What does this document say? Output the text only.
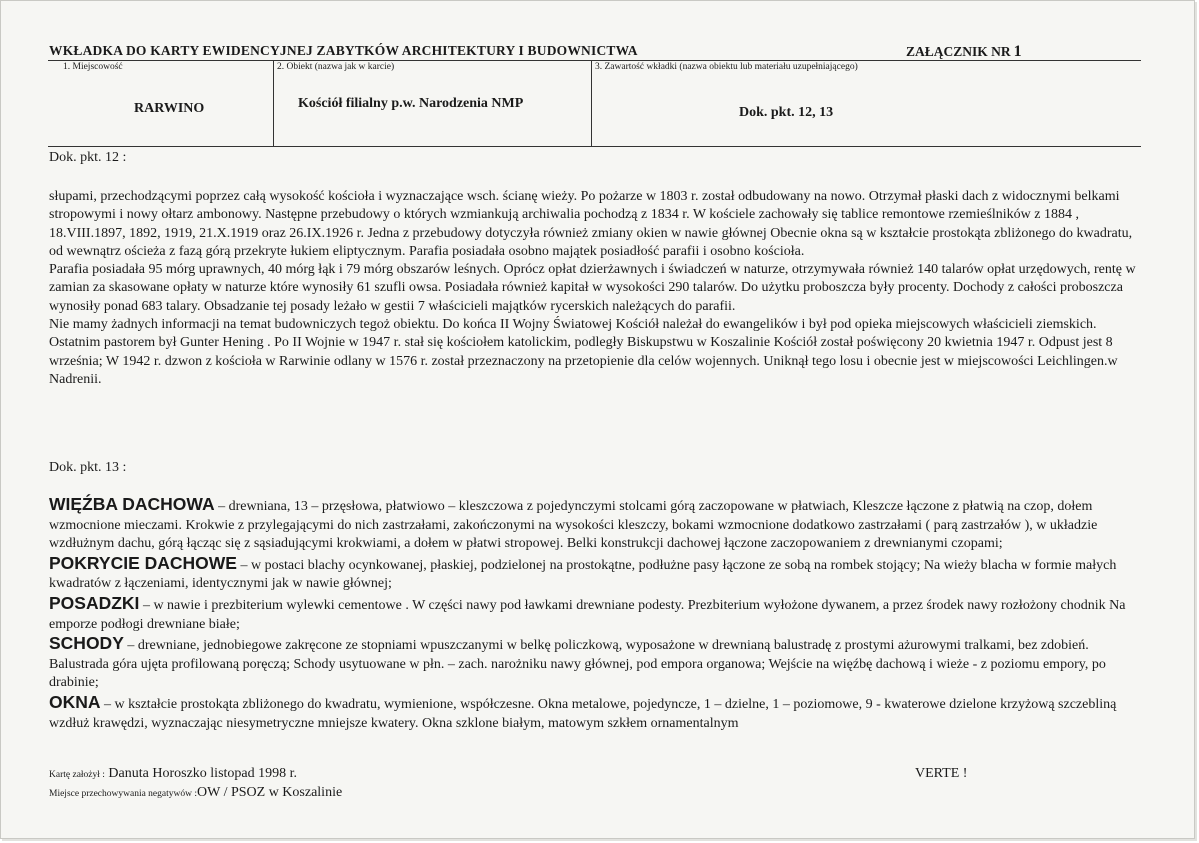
WKŁADKA DO KARTY EWIDENCYJNEJ ZABYTKÓW ARCHITEKTURY I BUDOWNICTWA	ZAŁĄCZNIK NR 1
1. Miejscowość	2. Obiekt (nazwa jak w karcie)	3. Zawartość wkładki (nazwa obiektu lub materiału uzupełniającego)
RARWINO	Kościół filialny p.w. Narodzenia NMP
Dok. pkt. 12, 13
Dok. pkt. 12 :

słupami, przechodzącymi poprzez całą wysokość kościoła i wyznaczające wsch. ścianę wieży. Po pożarze w 1803 r. został odbudowany na nowo. Otrzymał płaski dach z widocznymi belkami stropowymi i nowy ołtarz ambonowy. Następne przebudowy o których wzmiankują archiwalia pochodzą z 1834 r. W kościele zachowały się tablice remontowe rzemieślników z 1884 , 18.VIII.1897, 1892, 1919, 21.X.1919 oraz 26.IX.1926 r. Jedna z przebudowy dotyczyła również zmiany okien w nawie głównej Obecnie okna są w kształcie prostokąta zbliżonego do kwadratu, od wewnątrz ościeża z fazą górą przekryte łukiem eliptycznym. Parafia posiadała osobno majątek posiadłość parafii i osobno kościoła.

Parafia posiadała 95 mórg uprawnych, 40 mórg łąk i 79 mórg obszarów leśnych. Oprócz opłat dzierżawnych i świadczeń w naturze, otrzymywała również 140 talarów opłat urzędowych, rentę w zamian za skasowane opłaty w naturze które wynosiły 61 szufli owsa. Posiadała również kapitał w wysokości 290 talarów. Do użytku proboszcza były procenty. Dochody z całości proboszcza wynosiły ponad 683 talary. Obsadzanie tej posady leżało w gestii 7 właścicieli majątków rycerskich należących do parafii.

Nie mamy żadnych informacji na temat budowniczych tegoż obiektu. Do końca II Wojny Światowej Kościół należał do ewangelików i był pod opieka miejscowych właścicieli ziemskich. Ostatnim pastorem był Gunter Hening . Po II Wojnie w 1947 r. stał się kościołem katolickim, podległy Biskupstwu w Koszalinie Kościół został poświęcony 20 kwietnia 1947 r. Odpust jest 8 września; W 1942 r. dzwon z kościoła w Rarwinie odlany w 1576 r. został przeznaczony na przetopienie dla celów wojennych. Uniknął tego losu i obecnie jest w miejscowości Leichlingen.w Nadrenii.

Dok. pkt. 13 :

WIĘŹBA DACHOWA – drewniana, 13 – przęsłowa, płatwiowo – kleszczowa z pojedynczymi stolcami górą zaczopowane w płatwiach, Kleszcze łączone z płatwią na czop, dołem wzmocnione mieczami. Krokwie z przylegającymi do nich zastrzałami, zakończonymi na wysokości kleszczy, bokami wzmocnione dodatkowo zastrzałami ( parą zastrzałów ), w układzie wzdłużnym dachu, górą łącząc się z sąsiadującymi krokwiami, a dołem w płatwi stropowej. Belki konstrukcji dachowej łączone zaczopowaniem z drewnianymi czopami;

POKRYCIE DACHOWE – w postaci blachy ocynkowanej, płaskiej, podzielonej na prostokątne, podłużne pasy łączone ze sobą na rombek stojący; Na wieży blacha w formie małych kwadratów z łączeniami, identycznymi jak w nawie głównej;

POSADZKI – w nawie i prezbiterium wylewki cementowe . W części nawy pod ławkami drewniane podesty. Prezbiterium wyłożone dywanem, a przez środek nawy rozłożony chodnik Na emporze podłogi drewniane białe;

SCHODY – drewniane, jednobiegowe zakręcone ze stopniami wpuszczanymi w belkę policzkową, wyposażone w drewnianą balustradę z prostymi ażurowymi tralkami, bez zdobień. Balustrada góra ujęta profilowaną poręczą; Schody usytuowane w płn. – zach. narożniku nawy głównej, pod empora organowa; Wejście na więźbę dachową i wieże - z poziomu empory, po drabinie;

OKNA – w kształcie prostokąta zbliżonego do kwadratu, wymienione, współczesne. Okna metalowe, pojedyncze, 1 – dzielne, 1 – poziomowe, 9 - kwaterowe dzielone krzyżową szczebliną wzdłuż krawędzi, wyznaczając niesymetryczne mniejsze kwatery. Okna szklone białym, matowym szkłem ornamentalnym

Kartę założył : Danuta Horoszko listopad 1998 r.	VERTE !
Miejsce przechowywania negatywów :OW / PSOZ w Koszalinie
